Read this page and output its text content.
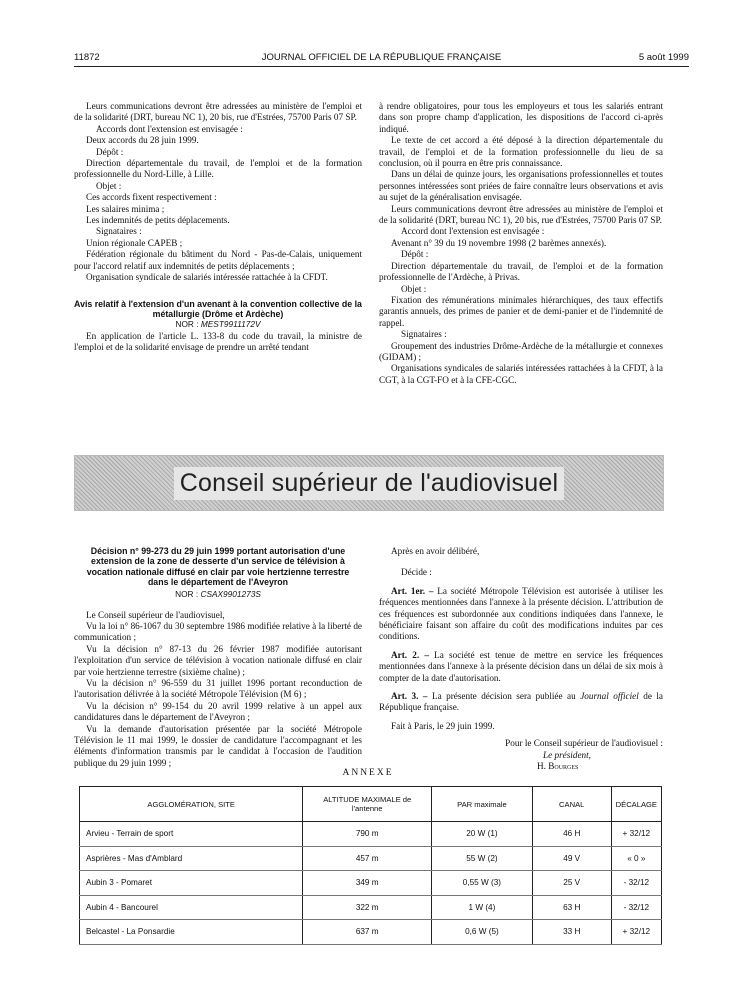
11872	JOURNAL OFFICIEL DE LA RÉPUBLIQUE FRANÇAISE	5 août 1999

Leurs communications devront être adressées au ministère de l'emploi et de la solidarité (DRT, bureau NC 1), 20 bis, rue d'Estrées, 75700 Paris 07 SP.

Accords dont l'extension est envisagée :

Deux accords du 28 juin 1999.

Dépôt :

Direction départementale du travail, de l'emploi et de la formation professionnelle du Nord-Lille, à Lille.

Objet :

Ces accords fixent respectivement :

Les salaires minima ;

Les indemnités de petits déplacements.

Signataires :

Union régionale CAPEB ;

Fédération régionale du bâtiment du Nord - Pas-de-Calais, uniquement pour l'accord relatif aux indemnités de petits déplacements ;

Organisation syndicale de salariés intéressée rattachée à la CFDT.

Avis relatif à l'extension d'un avenant à la convention collective de la métallurgie (Drôme et Ardèche)

NOR : MESТ9911172V

En application de l'article L. 133-8 du code du travail, la ministre de l'emploi et de la solidarité envisage de prendre un arrêté tendant

à rendre obligatoires, pour tous les employeurs et tous les salariés entrant dans son propre champ d'application, les dispositions de l'accord ci-après indiqué.

Le texte de cet accord a été déposé à la direction départementale du travail, de l'emploi et de la formation professionnelle du lieu de sa conclusion, où il pourra en être pris connaissance.

Dans un délai de quinze jours, les organisations professionnelles et toutes personnes intéressées sont priées de faire connaître leurs observations et avis au sujet de la généralisation envisagée.

Leurs communications devront être adressées au ministère de l'emploi et de la solidarité (DRT, bureau NC 1), 20 bis, rue d'Estrées, 75700 Paris 07 SP.

Accord dont l'extension est envisagée :

Avenant n° 39 du 19 novembre 1998 (2 barèmes annexés).

Dépôt :

Direction départementale du travail, de l'emploi et de la formation professionnelle de l'Ardèche, à Privas.

Objet :

Fixation des rémunérations minimales hiérarchiques, des taux effectifs garantis annuels, des primes de panier et de demi-panier et de l'indemnité de rappel.

Signataires :

Groupement des industries Drôme-Ardèche de la métallurgie et connexes (GIDAM) ;

Organisations syndicales de salariés intéressées rattachées à la CFDT, à la CGT, à la CGT-FO et à la CFE-CGC.

Conseil supérieur de l'audiovisuel

Décision n° 99-273 du 29 juin 1999 portant autorisation d'une extension de la zone de desserte d'un service de télévision à vocation nationale diffusé en clair par voie hertzienne terrestre dans le département de l'Aveyron

NOR : CSAX9901273S

Le Conseil supérieur de l'audiovisuel,

Vu la loi n° 86-1067 du 30 septembre 1986 modifiée relative à la liberté de communication ;

Vu la décision n° 87-13 du 26 février 1987 modifiée autorisant l'exploitation d'un service de télévision à vocation nationale diffusé en clair par voie hertzienne terrestre (sixième chaîne) ;

Vu la décision n° 96-559 du 31 juillet 1996 portant reconduction de l'autorisation délivrée à la société Métropole Télévision (M 6) ;

Vu la décision n° 99-154 du 20 avril 1999 relative à un appel aux candidatures dans le département de l'Aveyron ;

Vu la demande d'autorisation présentée par la société Métropole Télévision le 11 mai 1999, le dossier de candidature l'accompagnant et les éléments d'information transmis par le candidat à l'occasion de l'audition publique du 29 juin 1999 ;

Après en avoir délibéré,

Décide :

Art. 1er. – La société Métropole Télévision est autorisée à utiliser les fréquences mentionnées dans l'annexe à la présente décision. L'attribution de ces fréquences est subordonnée aux conditions indiquées dans l'annexe, le bénéficiaire faisant son affaire du coût des modifications induites par ces conditions.

Art. 2. – La société est tenue de mettre en service les fréquences mentionnées dans l'annexe à la présente décision dans un délai de six mois à compter de la date d'autorisation.

Art. 3. – La présente décision sera publiée au Journal officiel de la République française.

Fait à Paris, le 29 juin 1999.

Pour le Conseil supérieur de l'audiovisuel :

Le président,

H. Bourges

ANNEXE
AGGLOMÉRATION, SITE	ALTITUDE MAXIMALE de l'antenne	PAR maximale	CANAL	DÉCALAGE
Arvieu - Terrain de sport	790 m	20 W (1)	46 H	+ 32/12
Asprières - Mas d'Amblard	457 m	55 W (2)	49 V	« 0 »
Aubin 3 - Pomaret	349 m	0,55 W (3)	25 V	- 32/12
Aubin 4 - Bancourel	322 m	1 W (4)	63 H	- 32/12
Belcastel - La Ponsardie	637 m	0,6 W (5)	33 H	+ 32/12
